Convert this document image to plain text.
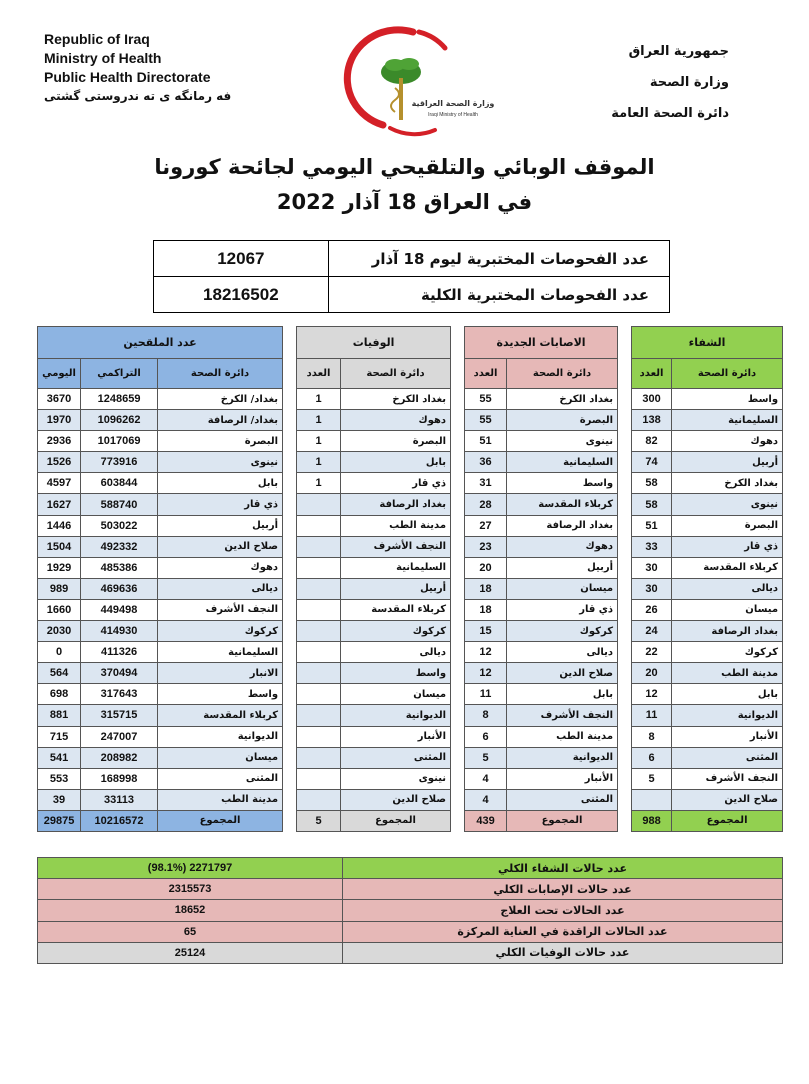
Republic of Iraq
Ministry of Health
Public Health Directorate
فه رمانگه ی ته ندروستی گشتی
جمهورية العراق
وزارة الصحة
دائرة الصحة العامة
وزارة الصحة العراقية
Iraqi Ministry of Health
الموقف الوبائي والتلقيحي اليومي لجائحة كورونا
في العراق 18 آذار 2022
عدد الفحوصات المختبرية ليوم 18 آذار	12067
عدد الفحوصات المختبرية الكلية	18216502
الشفاء			الاصابات الجديدة			الوفيات			عدد الملقحين		
دائرة الصحة	العدد		دائرة الصحة	العدد		دائرة الصحة	العدد		دائرة الصحة	التراكمي	اليومي
واسط	300		بغداد الكرخ	55		بغداد الكرخ	1		بغداد/ الكرخ	1248659	3670
السليمانية	138		البصرة	55		دهوك	1		بغداد/ الرصافة	1096262	1970
دهوك	82		نينوى	51		البصرة	1		البصرة	1017069	2936
أربيل	74		السليمانية	36		بابل	1		نينوى	773916	1526
بغداد الكرخ	58		واسط	31		ذي قار	1		بابل	603844	4597
نينوى	58		كربلاء المقدسة	28		بغداد الرصافة			ذي قار	588740	1627
البصرة	51		بغداد الرصافة	27		مدينة الطب			أربيل	503022	1446
ذي قار	33		دهوك	23		النجف الأشرف			صلاح الدين	492332	1504
كربلاء المقدسة	30		أربيل	20		السليمانية			دهوك	485386	1929
ديالى	30		ميسان	18		أربيل			ديالى	469636	989
ميسان	26		ذي قار	18		كربلاء المقدسة			النجف الأشرف	449498	1660
بغداد الرصافة	24		كركوك	15		كركوك			كركوك	414930	2030
كركوك	22		ديالى	12		ديالى			السليمانية	411326	0
مدينة الطب	20		صلاح الدين	12		واسط			الانبار	370494	564
بابل	12		بابل	11		ميسان			واسط	317643	698
الديوانية	11		النجف الأشرف	8		الديوانية			كربلاء المقدسة	315715	881
الأنبار	8		مدينة الطب	6		الأنبار			الديوانية	247007	715
المثنى	6		الديوانية	5		المثنى			ميسان	208982	541
النجف الأشرف	5		الأنبار	4		نينوى			المثنى	168998	553
صلاح الدين			المثنى	4		صلاح الدين			مدينة الطب	33113	39
المجموع	988		المجموع	439		المجموع	5		المجموع	10216572	29875
عدد حالات الشفاء الكلي	2271797 (98.1%)
عدد حالات الإصابات الكلي	2315573
عدد الحالات تحت العلاج	18652
عدد الحالات الراقدة في العناية المركزة	65
عدد حالات الوفيات الكلي	25124
